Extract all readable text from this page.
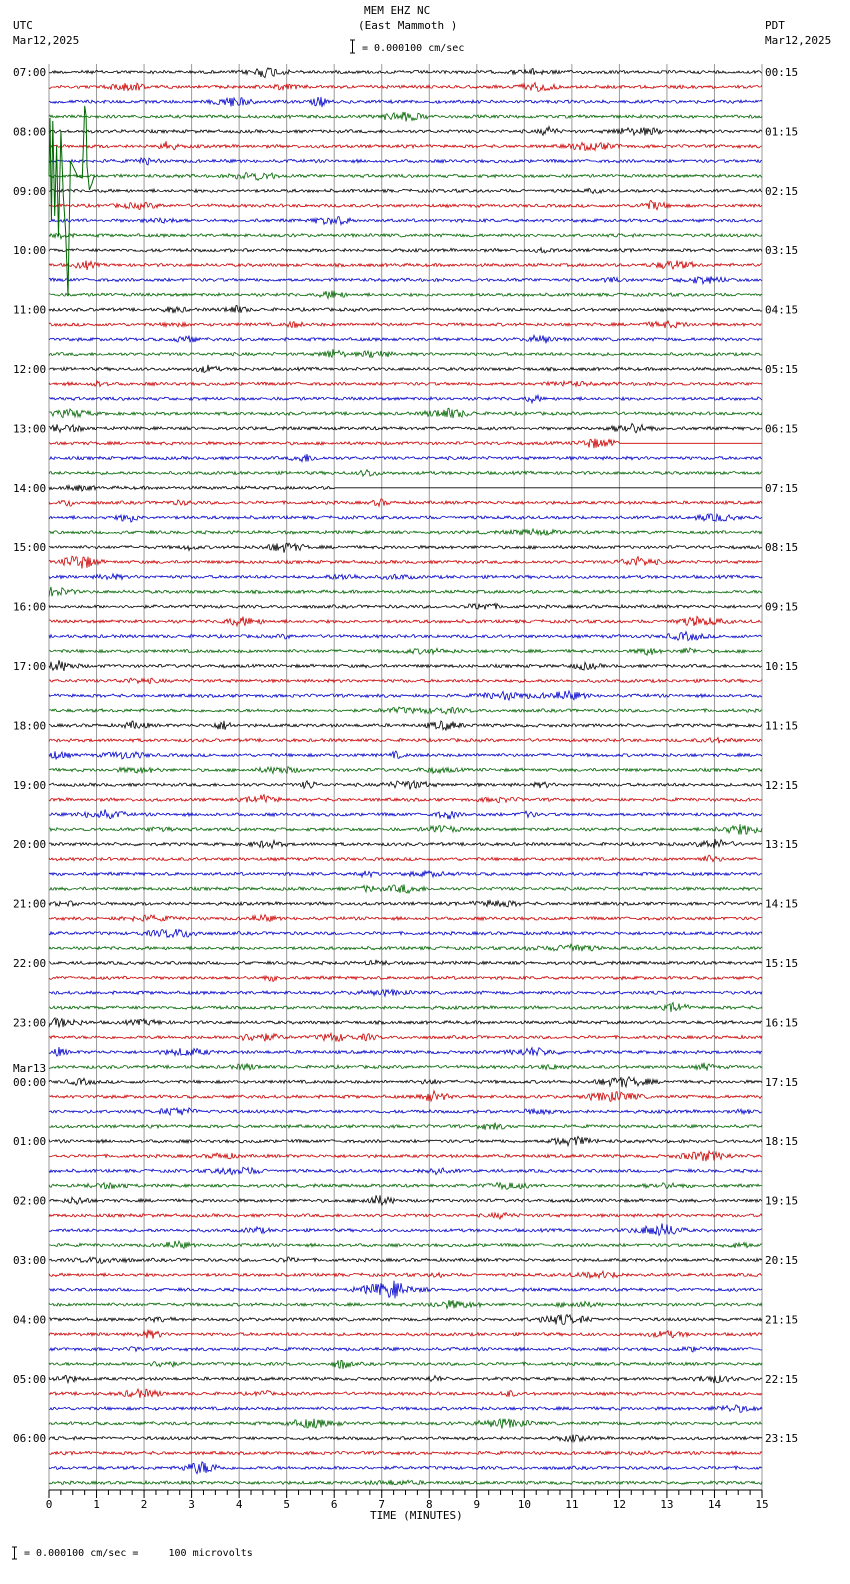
MEM EHZ NC
(East Mammoth )
= 0.000100 cm/sec
UTC
Mar12,2025
PDT
Mar12,2025
07:00
08:00
09:00
10:00
11:00
12:00
13:00
14:00
15:00
16:00
17:00
18:00
19:00
20:00
21:00
22:00
23:00
00:00
Mar13
01:00
02:00
03:00
04:00
05:00
06:00
00:15
01:15
02:15
03:15
04:15
05:15
06:15
07:15
08:15
09:15
10:15
11:15
12:15
13:15
14:15
15:15
16:15
17:15
18:15
19:15
20:15
21:15
22:15
23:15
0	1	2	3	4	5	6	7	8	9	10	11	12	13	14	15
TIME (MINUTES)
= 0.000100 cm/sec =     100 microvolts
